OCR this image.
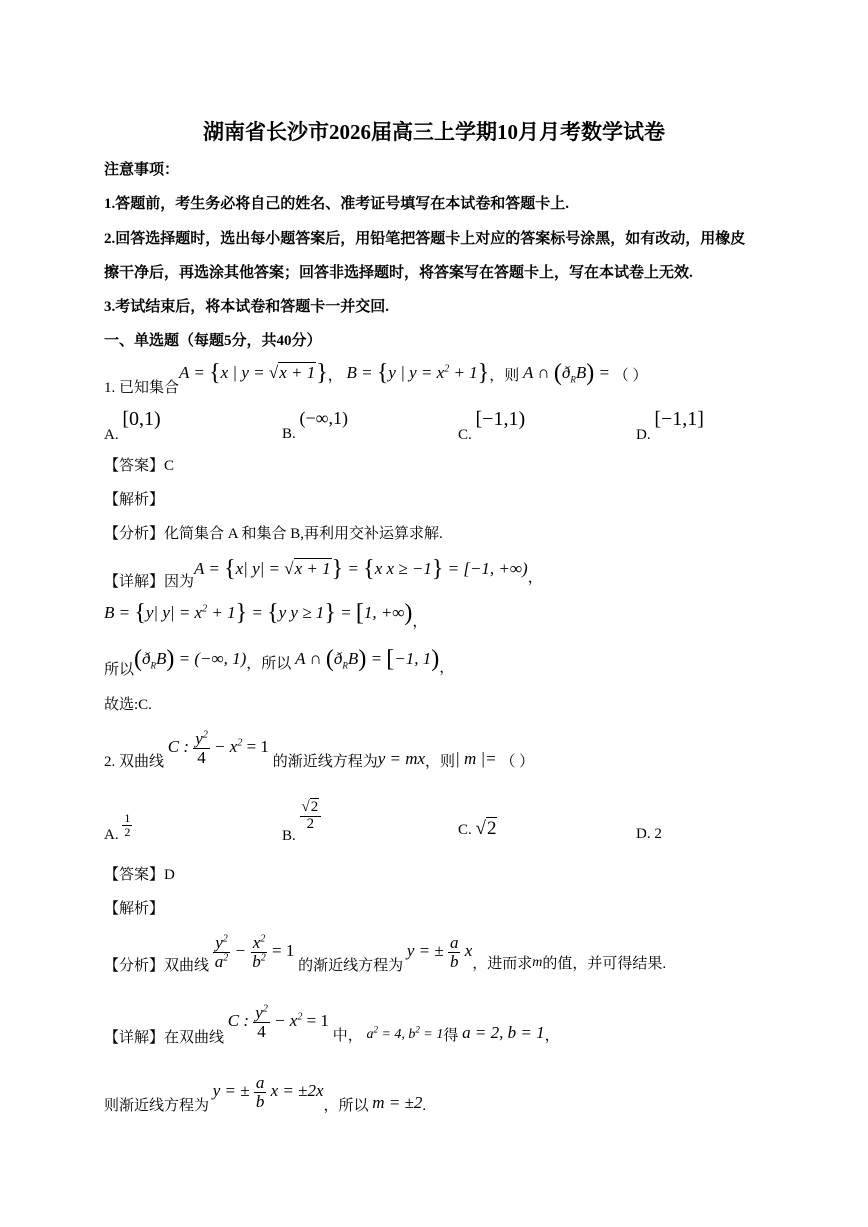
湖南省长沙市2026届高三上学期10月月考数学试卷
注意事项：
1.答题前，考生务必将自己的姓名、准考证号填写在本试卷和答题卡上.
2.回答选择题时，选出每小题答案后，用铅笔把答题卡上对应的答案标号涂黑，如有改动，用橡皮
擦干净后，再选涂其他答案；回答非选择题时，将答案写在答题卡上，写在本试卷上无效.
3.考试结束后，将本试卷和答题卡一并交回.
一、单选题（每题5分，共40分）
1. 已知集合A = {x | y = √x + 1}， B = {y | $y = x^2 + 1$}，则 A ∩ $(ð_RB)$ = （ ）
A. [0,1)
B. (−∞,1)
C. [−1,1)
D. [−1,1]
【答案】C
【解析】
【分析】化简集合 A 和集合 B,再利用交补运算求解.
【详解】因为A = {x| y| = √x + 1} = {x x ≥ −1} = [−1, +∞)，
B = {y| $y| = x^2 + 1\} = \{y$ y ≥ 1} = [1, +∞)，
所以$(ð_RB)$ = (−∞, 1)，所以 A ∩ $(ð_RB) = [-1$, 1)，
故选:C.
2. 双曲线 C : $\frac{y^2}{4} - x^2 = 1$ 的渐近线方程为y = mx，则| m |= （ ）
A. $\frac{1}{2}$	B.
$\frac{√2}{2}$	C. √2	D. 2
【答案】D
【解析】
【分析】双曲线 $\frac{y^2}{a^2} - \frac{x^2}{b^2} = 1$ 的渐近线方程为 y = ± $\frac{a}{b}$ x，进而求m的值，并可得结果.
【详解】在双曲线 C : $\frac{y^2}{4} - x^2 = 1$ 中， $a^2 = 4$, $b^2 = 1$得 a = 2, b = 1，
则渐近线方程为 y = ± $\frac{a}{b}$ x = ±2x，所以 m = ±2.
